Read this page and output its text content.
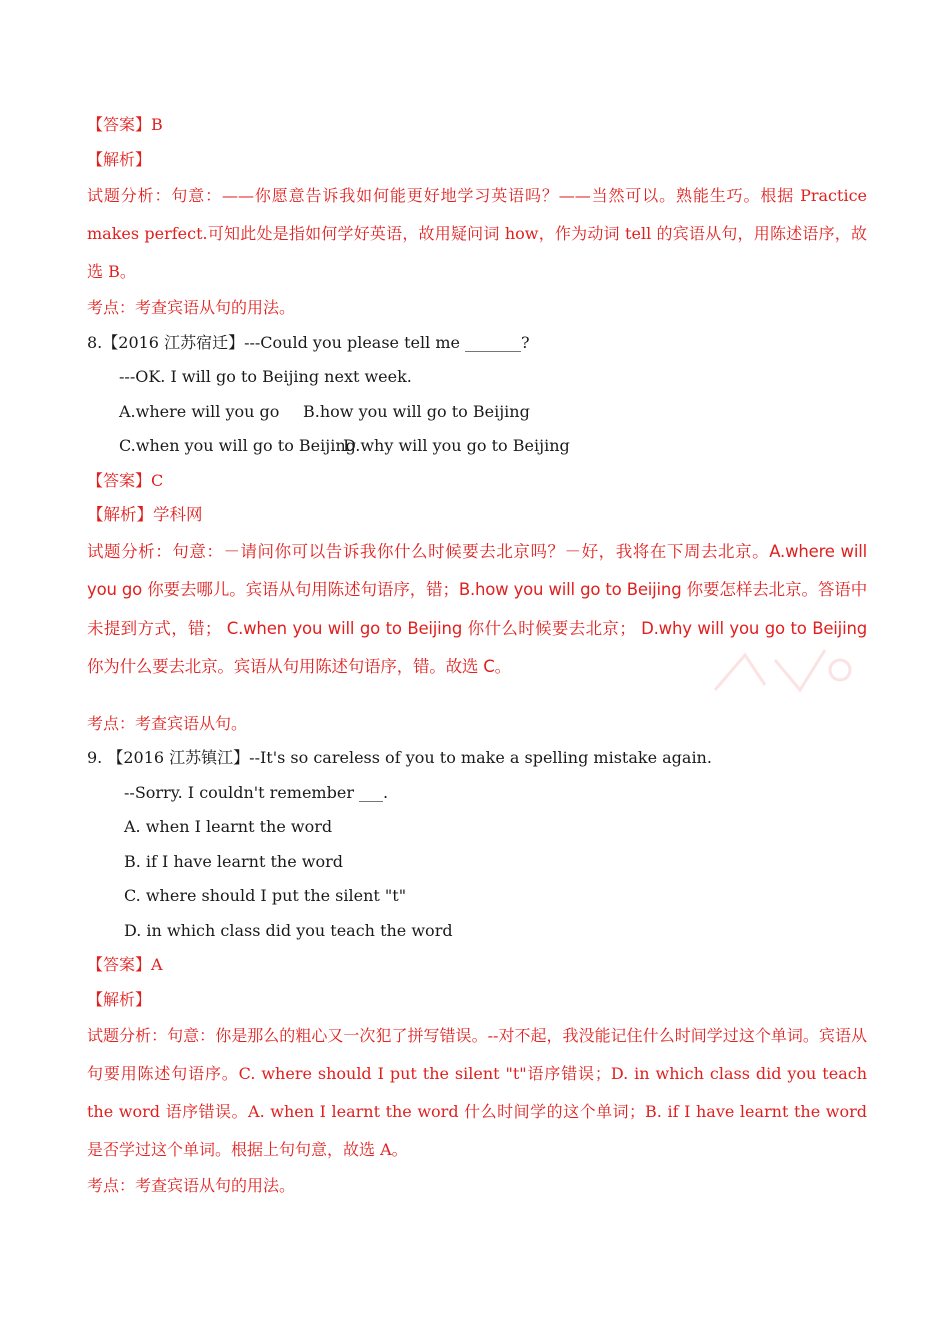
【答案】B
【解析】

试题分析：句意：——你愿意告诉我如何能更好地学习英语吗？——当然可以。熟能生巧。根据 Practice makes perfect.可知此处是指如何学好英语，故用疑问词 how，作为动词 tell 的宾语从句，用陈述语序，故选 B。

考点：考查宾语从句的用法。
8.【2016 江苏宿迁】---Could you please tell me _______?
---OK. I will go to Beijing next week.
A.where will you go	B.how you will go to Beijing
C.when you will go to Beijing
D.why will you go to Beijing
【答案】C
【解析】学科网

试题分析：句意：－请问你可以告诉我你什么时候要去北京吗？－好，我将在下周去北京。A.where will you go 你要去哪儿。宾语从句用陈述句语序，错；B.how you will go to Beijing 你要怎样去北京。答语中未提到方式，错； C.when you will go to Beijing 你什么时候要去北京； D.why will you go to Beijing 你为什么要去北京。宾语从句用陈述句语序，错。故选 C。

考点：考查宾语从句。
9. 【2016 江苏镇江】--It's so careless of you to make a spelling mistake again.
--Sorry. I couldn't remember ___.
A. when I learnt the word
B. if I have learnt the word
C. where should I put the silent "t"
D. in which class did you teach the word
【答案】A
【解析】

试题分析：句意：你是那么的粗心又一次犯了拼写错误。--对不起，我没能记住什么时间学过这个单词。宾语从句要用陈述句语序。C. where should I put the silent "t"语序错误；D. in which class did you teach the word 语序错误。A. when I learnt the word 什么时间学的这个单词；B. if I have learnt the word 是否学过这个单词。根据上句句意，故选 A。

考点：考查宾语从句的用法。
